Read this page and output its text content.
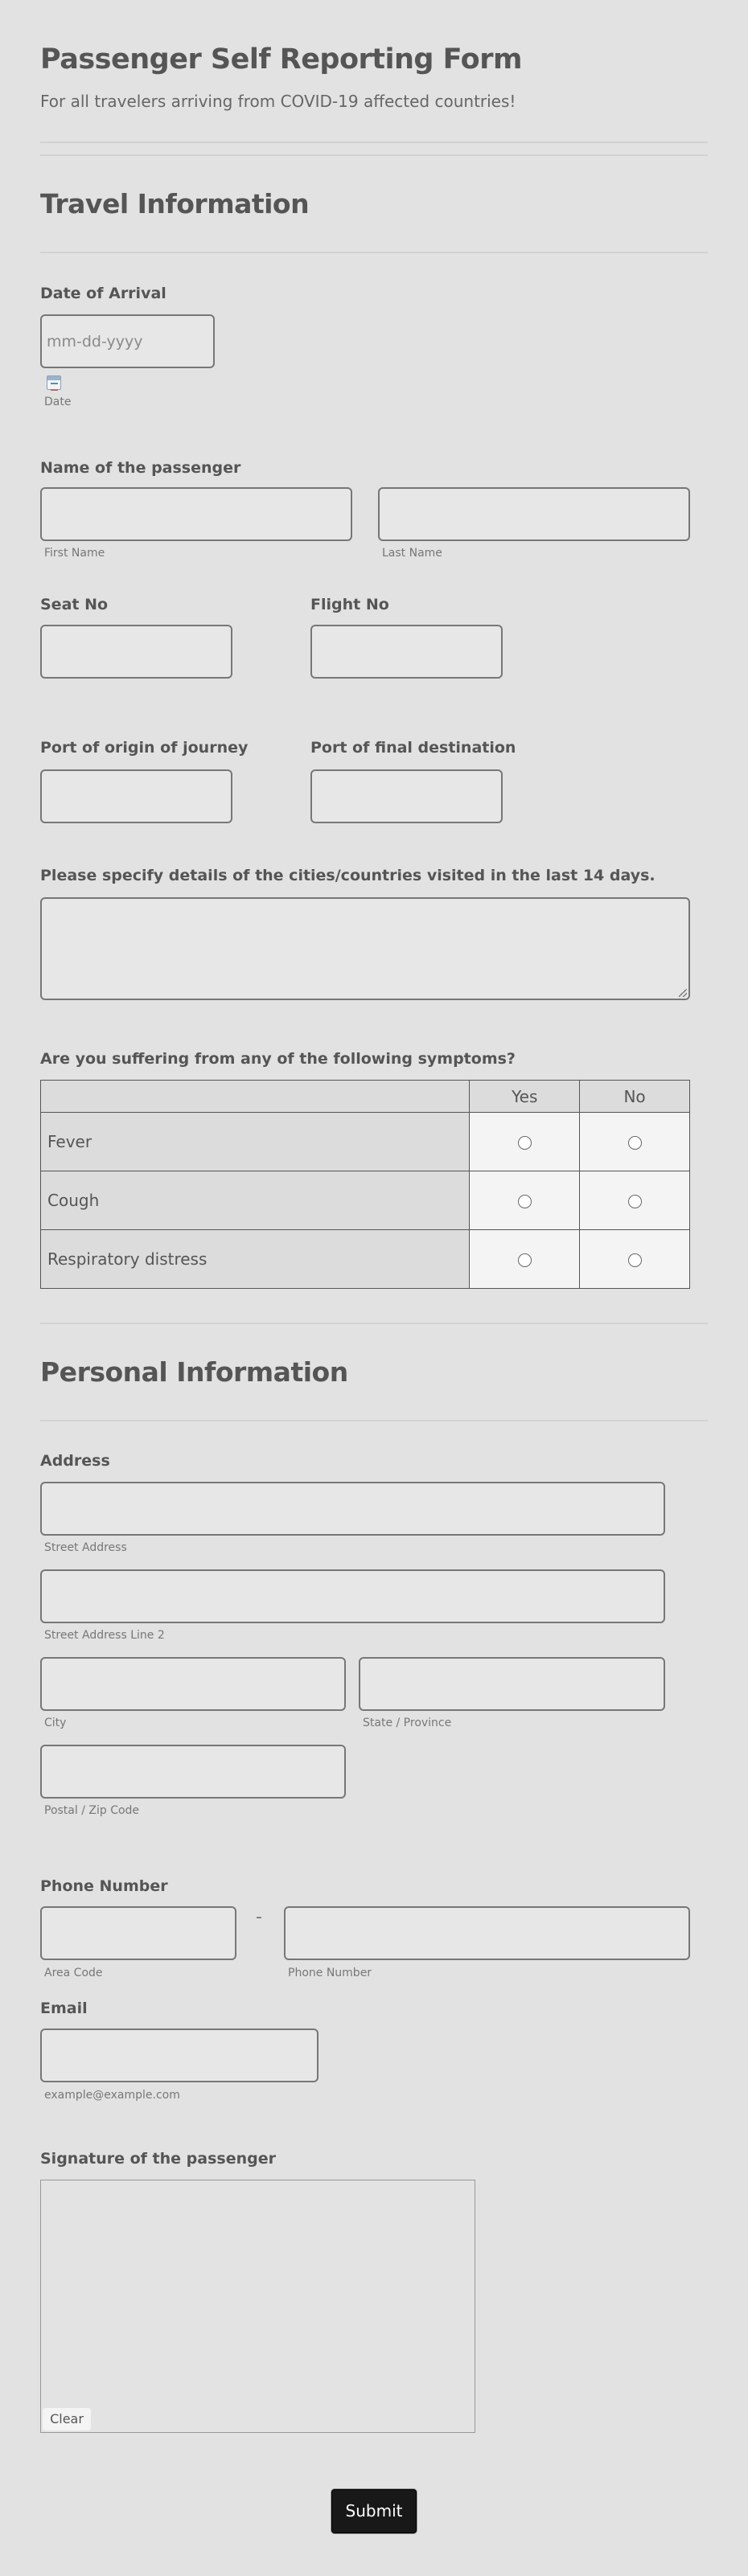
Passenger Self Reporting Form
For all travelers arriving from COVID-19 affected countries!
Travel Information
Date of Arrival
mm-dd-yyyy
Date
Name of the passenger
First Name	Last Name
Seat No	Flight No
Port of origin of journey	Port of final destination
Please specify details of the cities/countries visited in the last 14 days.
Are you suffering from any of the following symptoms?
	Yes	No
Fever		
Cough		
Respiratory distress		
Personal Information
Address
Street Address
Street Address Line 2
City	State / Province
Postal / Zip Code
Phone Number
Area Code
-
Phone Number
Email
example@example.com
Signature of the passenger
Clear
Submit
